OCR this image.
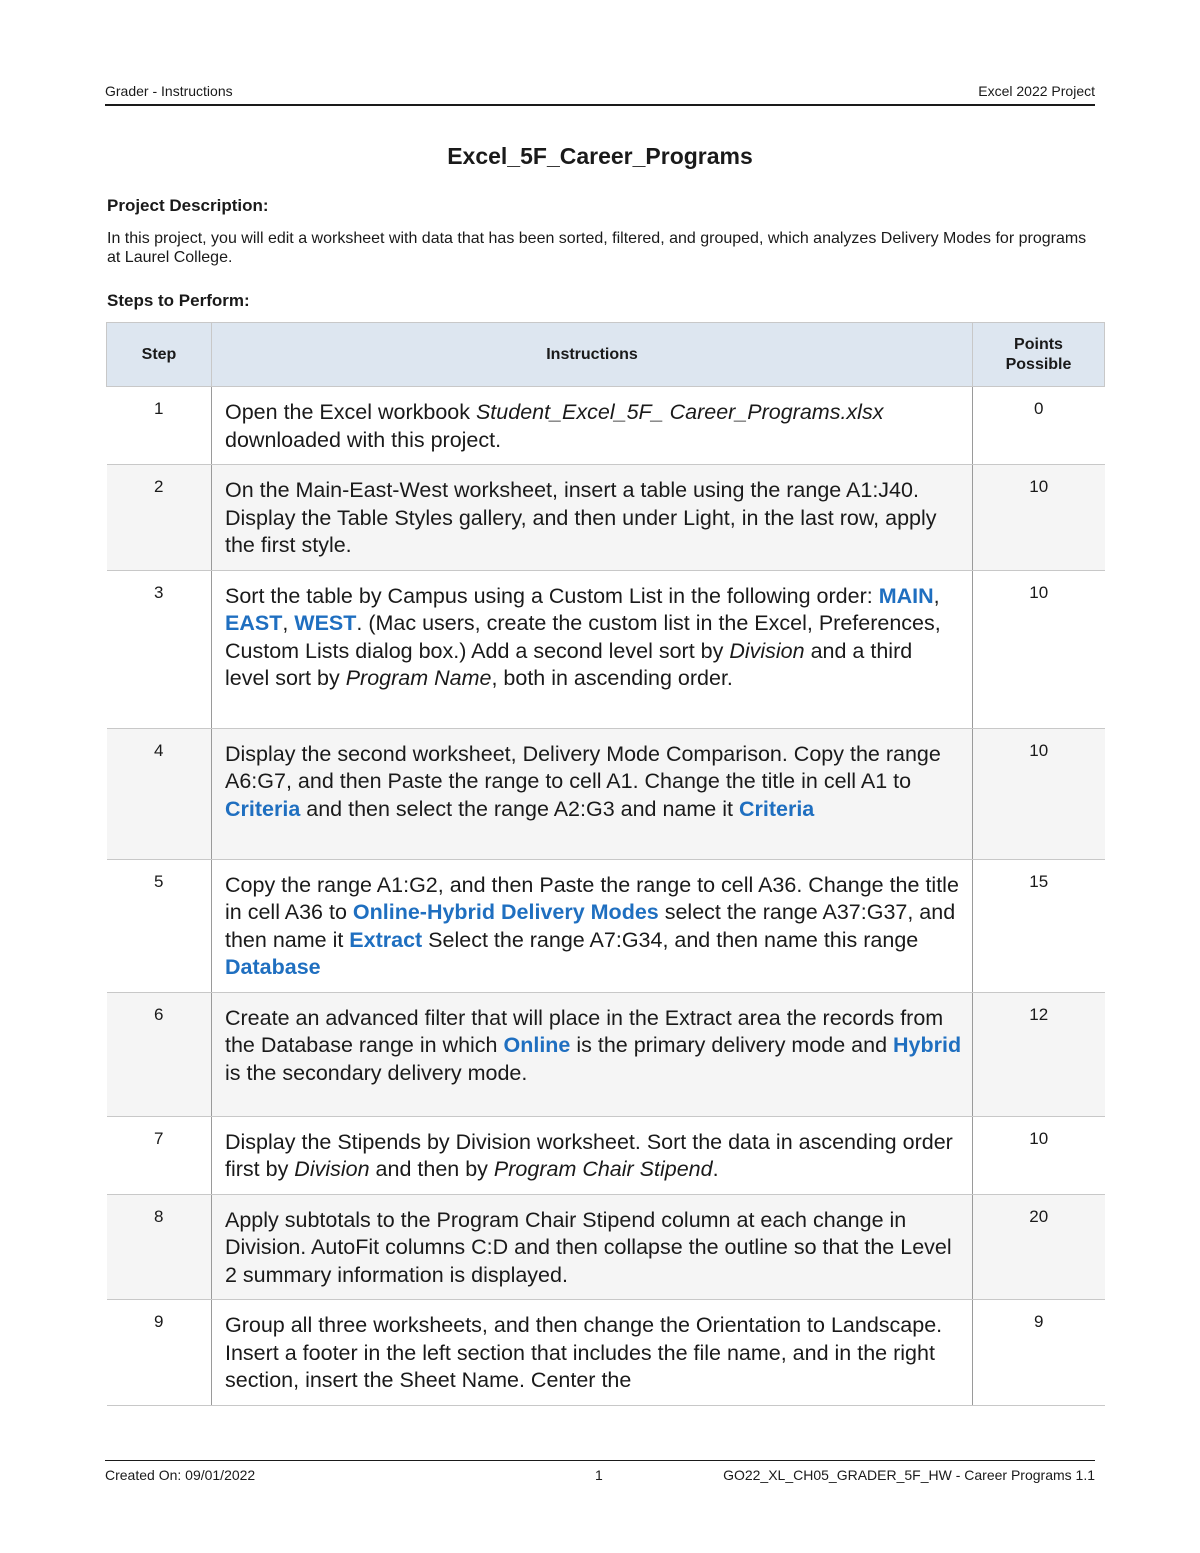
Grader - Instructions	Excel 2022 Project
Excel_5F_Career_Programs
Project Description:
In this project, you will edit a worksheet with data that has been sorted, filtered, and grouped, which analyzes Delivery Modes for programs at Laurel College.
Steps to Perform:
Step	Instructions	Points Possible
1	Open the Excel workbook Student_Excel_5F_ Career_Programs.xlsx downloaded with this project.	0
2	On the Main-East-West worksheet, insert a table using the range A1:J40. Display the Table Styles gallery, and then under Light, in the last row, apply the first style.	10
3	Sort the table by Campus using a Custom List in the following order: MAIN, EAST, WEST. (Mac users, create the custom list in the Excel, Preferences, Custom Lists dialog box.) Add a second level sort by Division and a third level sort by Program Name, both in ascending order.	10
4	Display the second worksheet, Delivery Mode Comparison. Copy the range A6:G7, and then Paste the range to cell A1. Change the title in cell A1 to Criteria and then select the range A2:G3 and name it Criteria	10
5	Copy the range A1:G2, and then Paste the range to cell A36. Change the title in cell A36 to Online-Hybrid Delivery Modes select the range A37:G37, and then name it Extract Select the range A7:G34, and then name this range Database	15
6	Create an advanced filter that will place in the Extract area the records from the Database range in which Online is the primary delivery mode and Hybrid is the secondary delivery mode.	12
7	Display the Stipends by Division worksheet. Sort the data in ascending order first by Division and then by Program Chair Stipend.	10
8	Apply subtotals to the Program Chair Stipend column at each change in Division. AutoFit columns C:D and then collapse the outline so that the Level 2 summary information is displayed.	20
9	Group all three worksheets, and then change the Orientation to Landscape. Insert a footer in the left section that includes the file name, and in the right section, insert the Sheet Name. Center the	9
Created On: 09/01/2022	1	GO22_XL_CH05_GRADER_5F_HW - Career Programs 1.1
